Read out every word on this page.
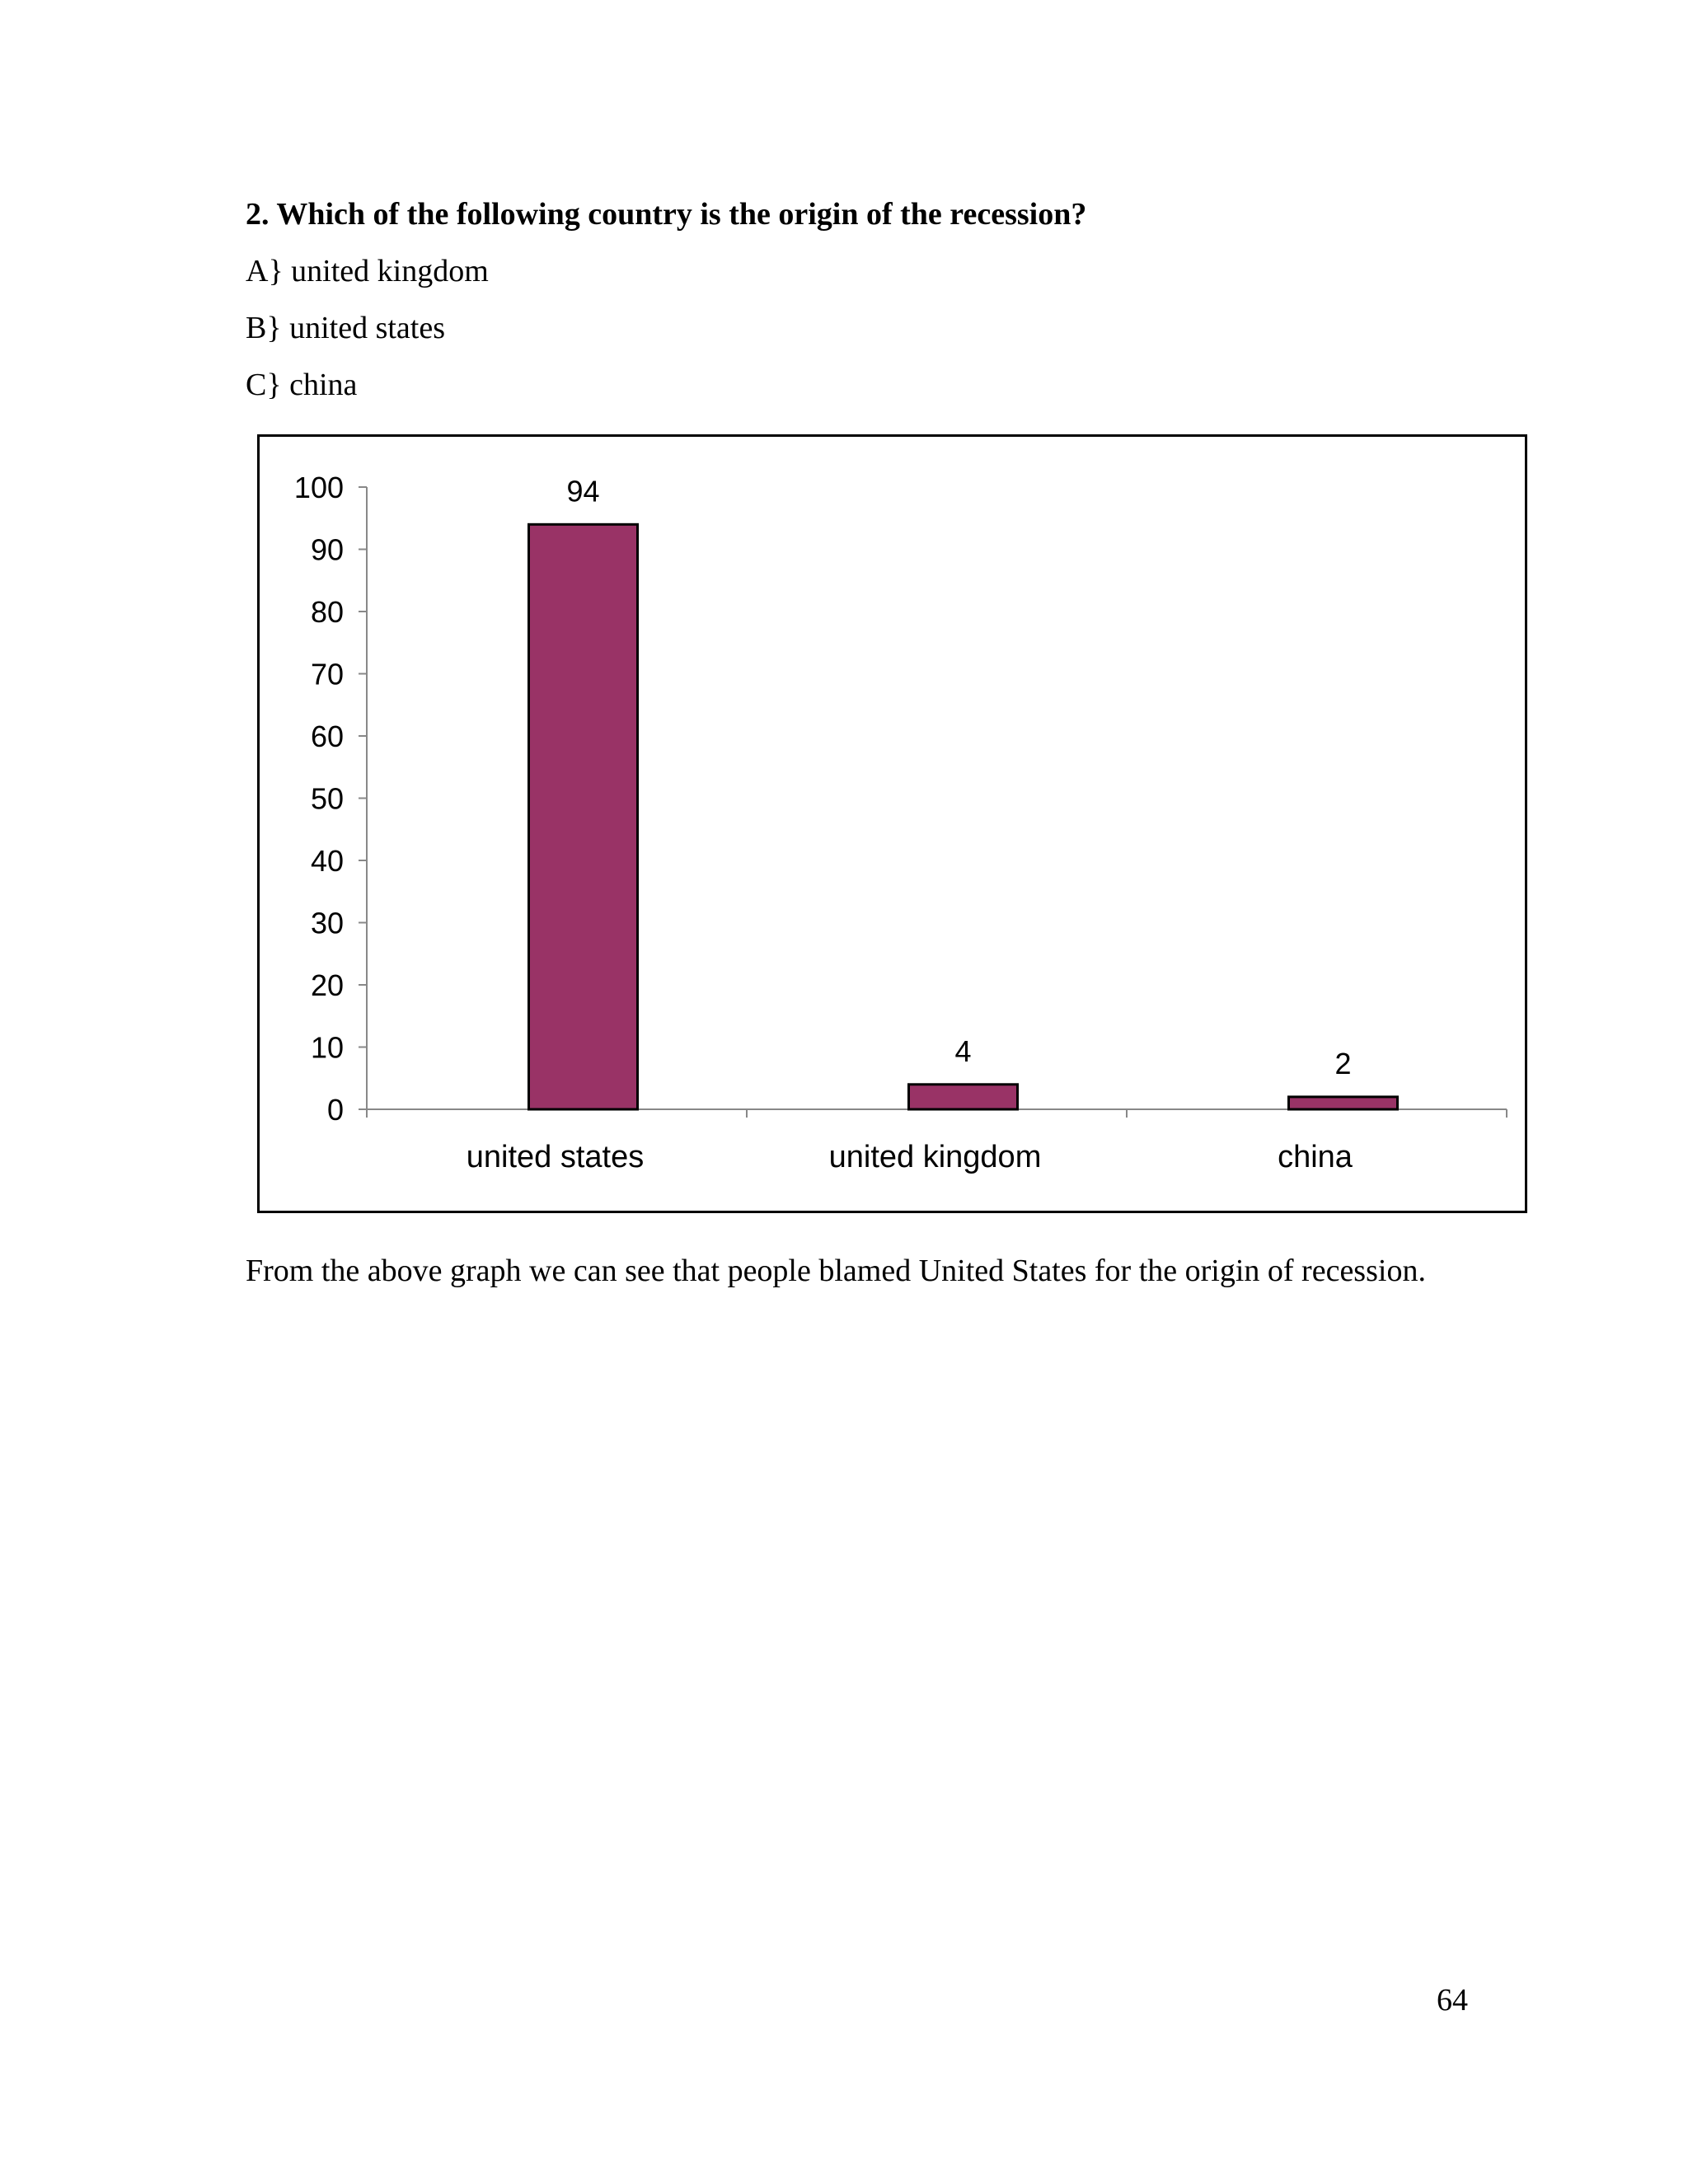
2. Which of the following country is the origin of the recession?
A} united kingdom
B} united states
C} china
0
10
20
30
40
50
60
70
80
90
100	94
united states
4
united kingdom
2
china
From the above graph we can see that people blamed United States for the origin of recession.
64
